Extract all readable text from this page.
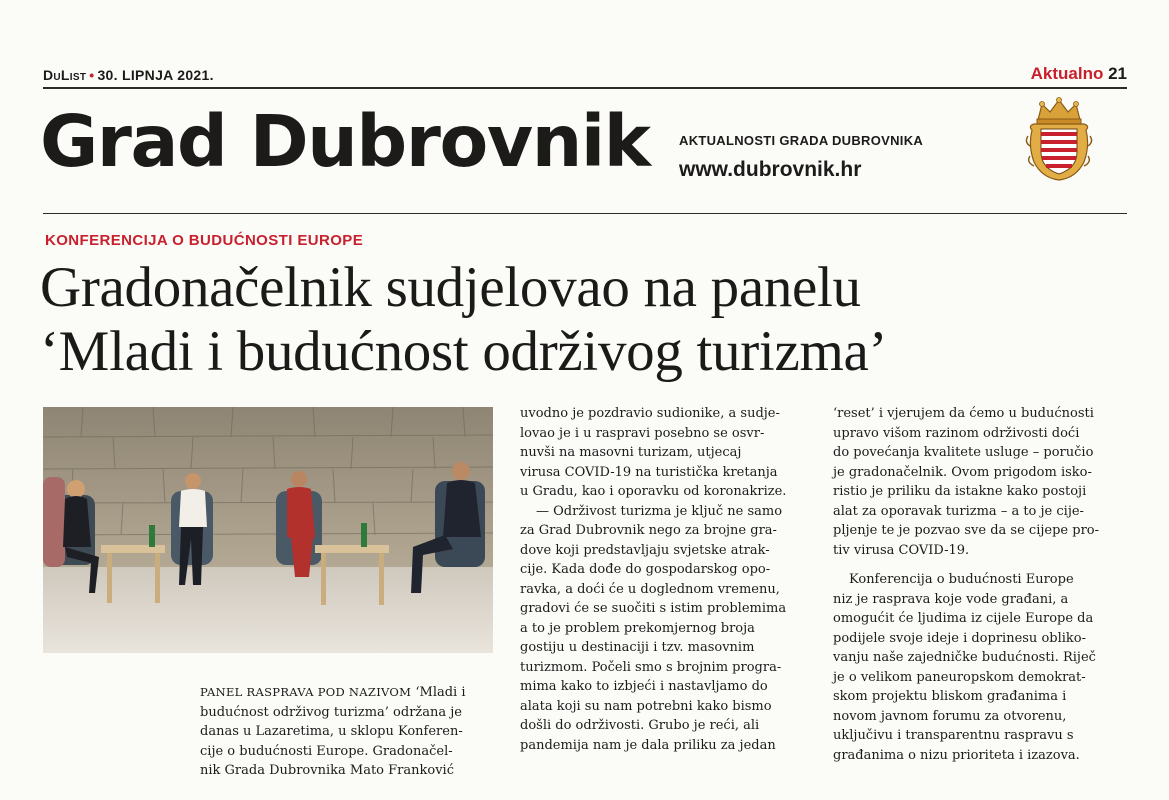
DuList • 30. LIPNJA 2021.	Aktualno 21
Grad Dubrovnik AKTUALNOSTI GRADA DUBROVNIKA
www.dubrovnik.hr
KONFERENCIJA O BUDUĆNOSTI EUROPE
Gradonačelnik sudjelovao na panelu
‘Mladi i budućnost održivog turizma’
PANEL RASPRAVA POD NAZIVOM ‘Mladi i
budućnost održivog turizma’ održana je
danas u Lazaretima, u sklopu Konferen-
cije o budućnosti Europe. Gradonačel-
nik Grada Dubrovnika Mato Franković
uvodno je pozdravio sudionike, a sudje-
lovao je i u raspravi posebno se osvr-
nuvši na masovni turizam, utjecaj
virusa COVID-19 na turistička kretanja
u Gradu, kao i oporavku od koronakrize.
— Održivost turizma je ključ ne samo
za Grad Dubrovnik nego za brojne gra-
dove koji predstavljaju svjetske atrak-
cije. Kada dođe do gospodarskog opo-
ravka, a doći će u doglednom vremenu,
gradovi će se suočiti s istim problemima
a to je problem prekomjernog broja
gostiju u destinaciji i tzv. masovnim
turizmom. Počeli smo s brojnim progra-
mima kako to izbjeći i nastavljamo do
alata koji su nam potrebni kako bismo
došli do održivosti. Grubo je reći, ali
pandemija nam je dala priliku za jedan
‘reset’ i vjerujem da ćemo u budućnosti
upravo višom razinom održivosti doći
do povećanja kvalitete usluge – poručio
je gradonačelnik. Ovom prigodom isko-
ristio je priliku da istakne kako postoji
alat za oporavak turizma – a to je cije-
pljenje te je pozvao sve da se cijepe pro-
tiv virusa COVID-19.
Konferencija o budućnosti Europe
niz je rasprava koje vode građani, a
omogućit će ljudima iz cijele Europe da
podijele svoje ideje i doprinesu obliko-
vanju naše zajedničke budućnosti. Riječ
je o velikom paneuropskom demokrat-
skom projektu bliskom građanima i
novom javnom forumu za otvorenu,
uključivu i transparentnu raspravu s
građanima o nizu prioriteta i izazova.
